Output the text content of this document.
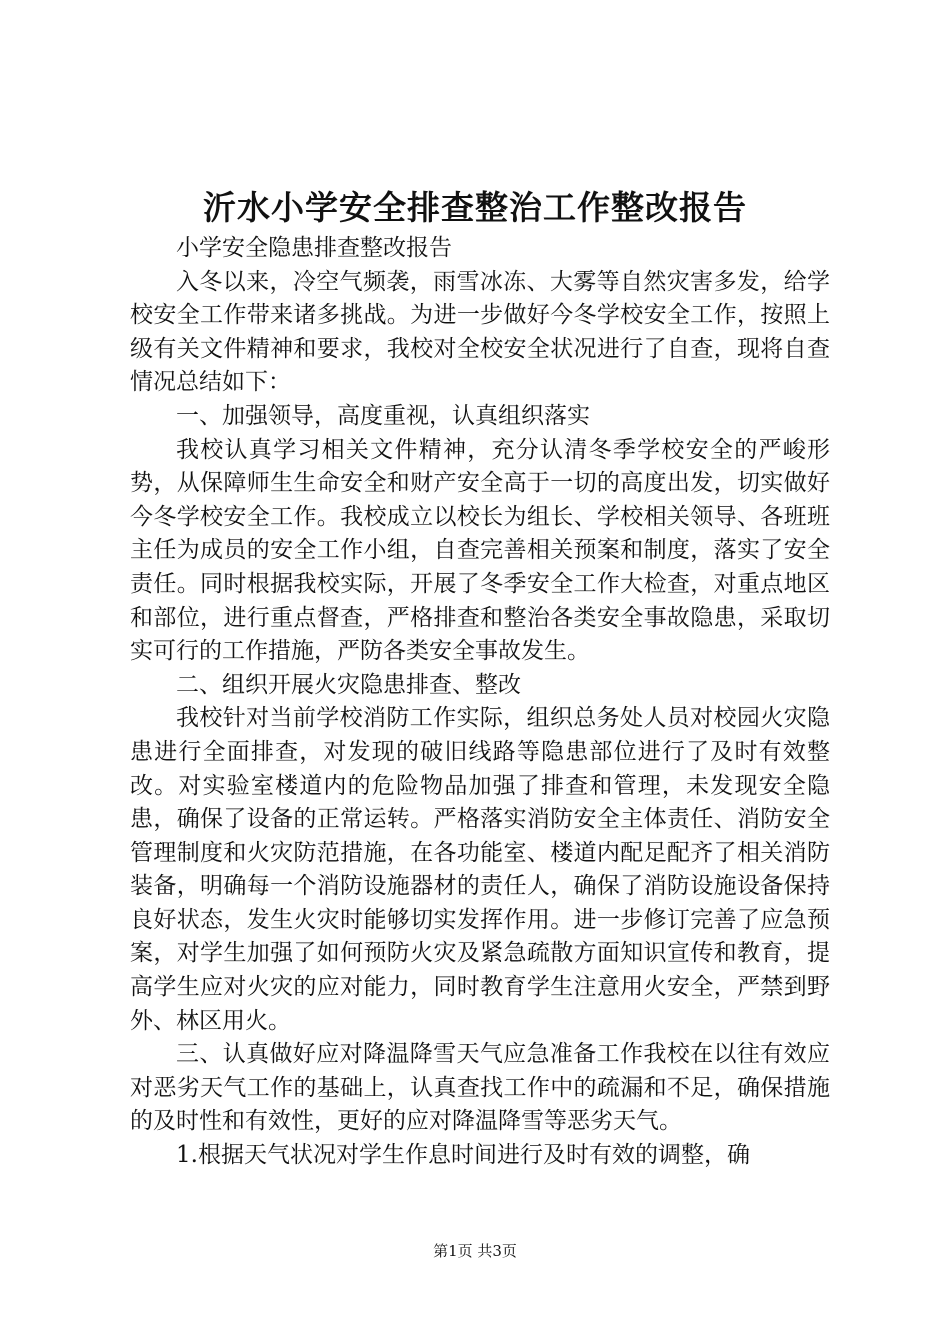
沂水小学安全排查整治工作整改报告

小学安全隐患排查整改报告

入冬以来，冷空气频袭，雨雪冰冻、大雾等自然灾害多发，给学校安全工作带来诸多挑战。为进一步做好今冬学校安全工作，按照上级有关文件精神和要求，我校对全校安全状况进行了自查，现将自查情况总结如下：

一、加强领导，高度重视，认真组织落实

我校认真学习相关文件精神，充分认清冬季学校安全的严峻形势，从保障师生生命安全和财产安全高于一切的高度出发，切实做好今冬学校安全工作。我校成立以校长为组长、学校相关领导、各班班主任为成员的安全工作小组，自查完善相关预案和制度，落实了安全责任。同时根据我校实际，开展了冬季安全工作大检查，对重点地区和部位，进行重点督查，严格排查和整治各类安全事故隐患，采取切实可行的工作措施，严防各类安全事故发生。

二、组织开展火灾隐患排查、整改

我校针对当前学校消防工作实际，组织总务处人员对校园火灾隐患进行全面排查，对发现的破旧线路等隐患部位进行了及时有效整改。对实验室楼道内的危险物品加强了排查和管理，未发现安全隐患，确保了设备的正常运转。严格落实消防安全主体责任、消防安全管理制度和火灾防范措施，在各功能室、楼道内配足配齐了相关消防装备，明确每一个消防设施器材的责任人，确保了消防设施设备保持良好状态，发生火灾时能够切实发挥作用。进一步修订完善了应急预案，对学生加强了如何预防火灾及紧急疏散方面知识宣传和教育，提高学生应对火灾的应对能力，同时教育学生注意用火安全，严禁到野外、林区用火。

三、认真做好应对降温降雪天气应急准备工作我校在以往有效应对恶劣天气工作的基础上，认真查找工作中的疏漏和不足，确保措施的及时性和有效性，更好的应对降温降雪等恶劣天气。

1.根据天气状况对学生作息时间进行及时有效的调整，确

第1页 共3页
